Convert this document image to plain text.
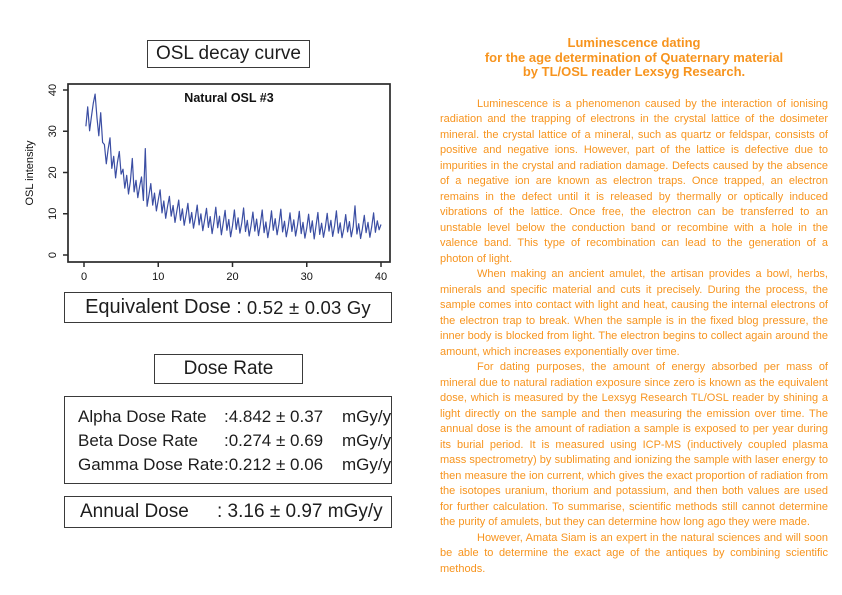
OSL decay curve
Natural OSL #3
OSL intensity
0	10	20	30	40
0
10
20
30
40
Equivalent Dose : 0.52 ± 0.03 Gy
Dose Rate
Alpha Dose Rate	:4.842 ± 0.37	mGy/y
Beta Dose Rate	:0.274 ± 0.69	mGy/y
Gamma Dose Rate :0.212 ± 0.06	mGy/y
Annual Dose	: 3.16 ± 0.97 mGy/y
Luminescence dating
for the age determination of Quaternary material
by TL/OSL reader Lexsyg Research.

Luminescence is a phenomenon caused by the interaction of ionising radiation and the trapping of electrons in the crystal lattice of the dosimeter mineral. the crystal lattice of a mineral, such as quartz or feldspar, consists of positive and negative ions. However, part of the lattice is defective due to impurities in the crystal and radiation damage. Defects caused by the absence of a negative ion are known as electron traps. Once trapped, an electron remains in the defect until it is released by thermally or optically induced vibrations of the lattice. Once free, the electron can be transferred to an unstable level below the conduction band or recombine with a hole in the valence band. This type of recombination can lead to the generation of a photon of light.

When making an ancient amulet, the artisan provides a bowl, herbs, minerals and specific material and cuts it precisely. During the process, the sample comes into contact with light and heat, causing the internal electrons of the electron trap to break. When the sample is in the fixed blog pressure, the inner body is blocked from light. The electron begins to collect again around the amount, which increases exponentially over time.

For dating purposes, the amount of energy absorbed per mass of mineral due to natural radiation exposure since zero is known as the equivalent dose, which is measured by the Lexsyg Research TL/OSL reader by shining a light directly on the sample and then measuring the emission over time. The annual dose is the amount of radiation a sample is exposed to per year during its burial period. It is measured using ICP-MS (inductively coupled plasma mass spectrometry) by sublimating and ionizing the sample with laser energy to then measure the ion current, which gives the exact proportion of radiation from the isotopes uranium, thorium and potassium, and then both values are used for further calculation. To summarise, scientific methods still cannot determine the purity of amulets, but they can determine how long ago they were made.

However, Amata Siam is an expert in the natural sciences and will soon be able to determine the exact age of the antiques by combining scientific methods.
